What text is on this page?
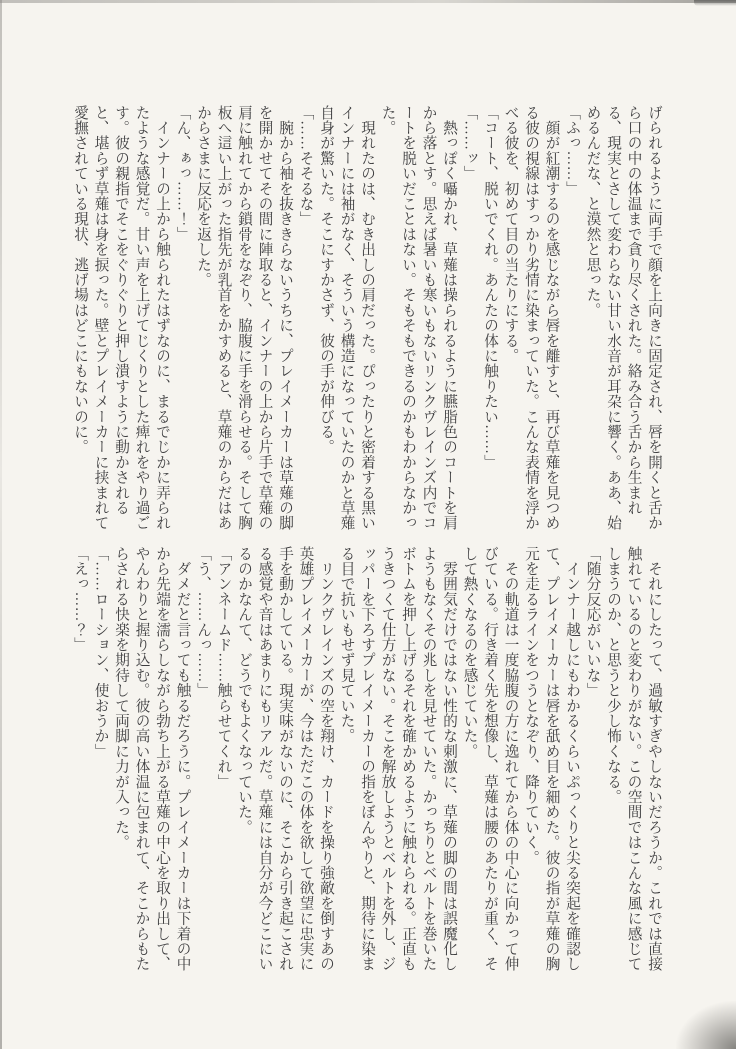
げられるように両手で顔を上向きに固定され、唇を開くと舌から口の中の体温まで貪り尽くされた。絡み合う舌から生まれる、現実とさして変わらない甘い水音が耳朶に響く。ああ、始めるんだな、と漠然と思った。

「ふっ……」

　顔が紅潮するのを感じながら唇を離すと、再び草薙を見つめる彼の視線はすっかり劣情に染まっていた。こんな表情を浮かべる彼を、初めて目の当たりにする。

「コート、脱いでくれ。あんたの体に触りたい……」

「……ッ」

　熱っぽく囁かれ、草薙は操られるように臙脂色のコートを肩から落とす。思えば暑いも寒いもないリンクヴレインズ内でコートを脱いだことはない。そもそもできるのかもわからなかった。

　現れたのは、むき出しの肩だった。ぴったりと密着する黒いインナーには袖がなく、そういう構造になっていたのかと草薙自身が驚いた。そこにすかさず、彼の手が伸びる。

「……そそるな」

　腕から袖を抜ききらないうちに、プレイメーカーは草薙の脚を開かせてその間に陣取ると、インナーの上から片手で草薙の肩に触れてから鎖骨をなぞり、脇腹に手を滑らせる。そして胸板へ這い上がった指先が乳首をかすめると、草薙のからだはあからさまに反応を返した。

「ん、ぁっ……！」

　インナーの上から触られたはずなのに、まるでじかに弄られたような感覚だ。甘い声を上げてじくりとした痺れをやり過ごす。彼の親指でそこをぐりぐりと押し潰すように動かされると、堪らず草薙は身を捩った。壁とプレイメーカーに挟まれて愛撫されている現状、逃げ場はどこにもないのに。

　それにしたって、過敏すぎやしないだろうか。これでは直接触れているのと変わりがない。この空間ではこんな風に感じてしまうのか、と思うと少し怖くなる。

「随分反応がいいな」

　インナー越しにもわかるくらいぷっくりと尖る突起を確認して、プレイメーカーは唇を舐め目を細めた。彼の指が草薙の胸元を走るラインをつうとなぞり、降りていく。

　その軌道は一度脇腹の方に逸れてから体の中心に向かって伸びている。行き着く先を想像し、草薙は腰のあたりが重く、そして熱くなるのを感じていた。

　雰囲気だけではない性的な刺激に、草薙の脚の間は誤魔化しようもなくその兆しを見せていた。かっちりとベルトを巻いたボトムを押し上げるそれを確かめるように触れられる。正直もうきつくて仕方がない。そこを解放しようとベルトを外し、ジッパーを下ろすプレイメーカーの指をぼんやりと、期待に染まる目で抗いもせず見ていた。

　リンクヴレインズの空を翔け、カードを操り強敵を倒すあの英雄プレイメーカーが、今はただこの体を欲して欲望に忠実に手を動かしている。現実味がないのに、そこから引き起こされる感覚や音はあまりにもリアルだ。草薙には自分が今どこにいるのかなんて、どうでもよくなっていた。

「アンネームド……触らせてくれ」

「う、……んっ……」

　ダメだと言っても触るだろうに。プレイメーカーは下着の中から先端を濡らしながら勃ち上がる草薙の中心を取り出して、やんわりと握り込む。彼の高い体温に包まれて、そこからもたらされる快楽を期待して両脚に力が入った。

「……ローション、使おうか」

「えっ……？」
